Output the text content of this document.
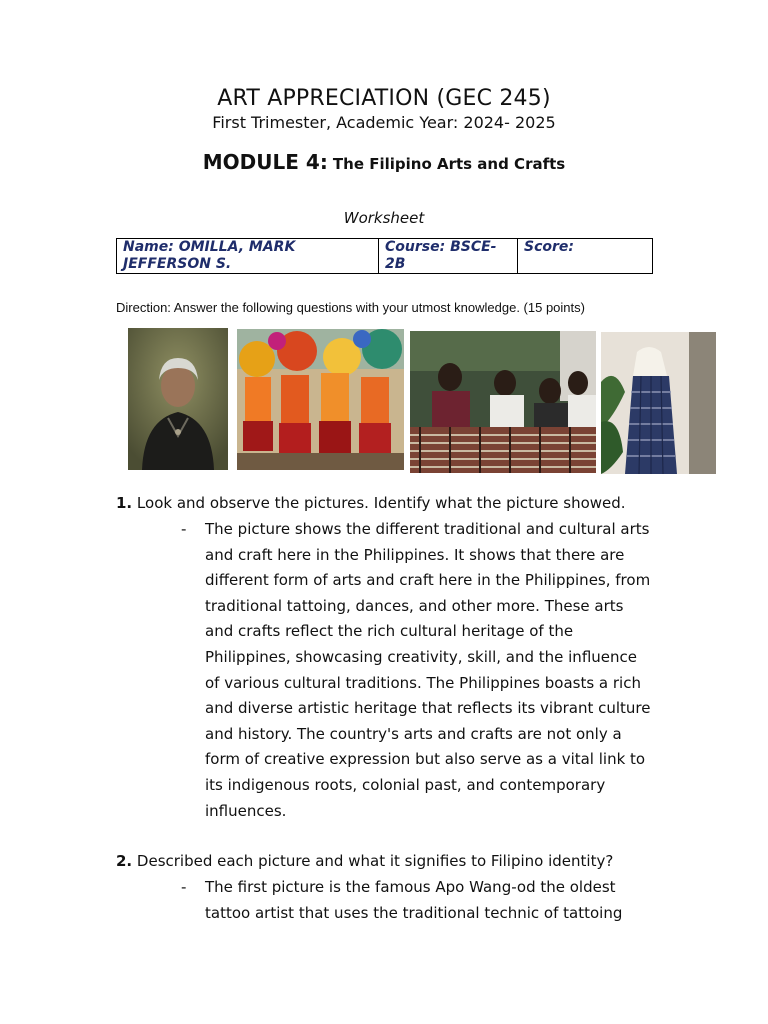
ART APPRECIATION (GEC 245)
First Trimester, Academic Year: 2024- 2025
MODULE 4: The Filipino Arts and Crafts
Worksheet
Name: OMILLA, MARK JEFFERSON S.	Course: BSCE-2B	Score:
Direction: Answer the following questions with your utmost knowledge. (15 points)
1. Look and observe the pictures. Identify what the picture showed.
- The picture shows the different traditional and cultural arts and craft here in the Philippines. It shows that there are different form of arts and craft here in the Philippines, from traditional tattoing, dances, and other more. These arts and crafts reflect the rich cultural heritage of the Philippines, showcasing creativity, skill, and the influence of various cultural traditions. The Philippines boasts a rich and diverse artistic heritage that reflects its vibrant culture and history. The country's arts and crafts are not only a form of creative expression but also serve as a vital link to its indigenous roots, colonial past, and contemporary influences.
2. Described each picture and what it signifies to Filipino identity?
- The first picture is the famous Apo Wang-od the oldest tattoo artist that uses the traditional technic of tattoing
